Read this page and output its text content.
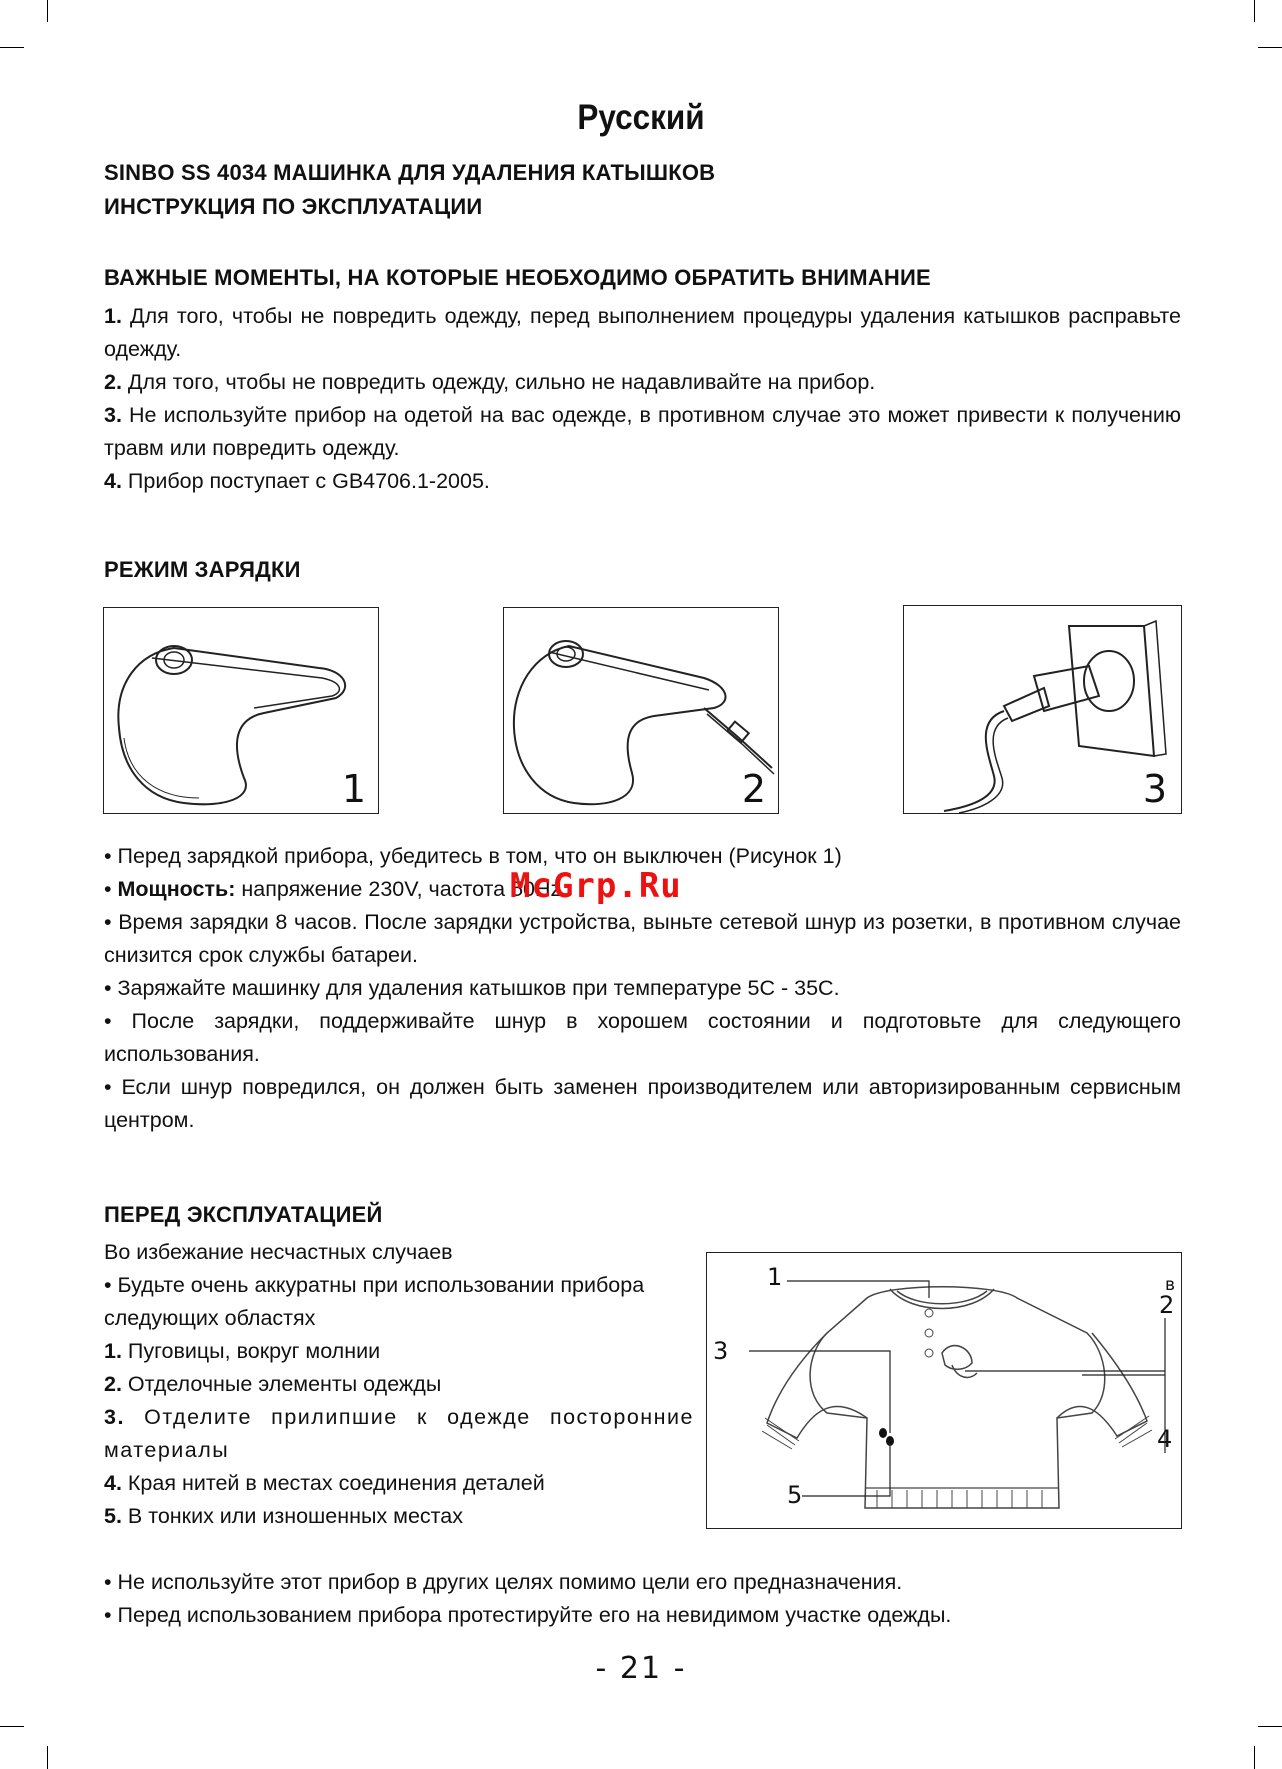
Русский
SINBO SS 4034 МАШИНКА ДЛЯ УДАЛЕНИЯ КАТЫШКОВ
ИНСТРУКЦИЯ ПО ЭКСПЛУАТАЦИИ
ВАЖНЫЕ МОМЕНТЫ, НА КОТОРЫЕ НЕОБХОДИМО ОБРАТИТЬ ВНИМАНИЕ
1. Для того, чтобы не повредить одежду, перед выполнением процедуры удаления катышков расправьте одежду.
2. Для того, чтобы не повредить одежду, сильно не надавливайте на прибор.
3. Не используйте прибор на одетой на вас одежде, в противном случае это может привести к получению травм или повредить одежду.
4. Прибор поступает с GB4706.1-2005.
РЕЖИМ ЗАРЯДКИ
1	2	3
• Перед зарядкой прибора, убедитесь в том, что он выключен (Рисунок 1)
• Мощность: напряжение 230V, частота 50Hz
• Время зарядки 8 часов. После зарядки устройства, выньте сетевой шнур из розетки, в противном случае снизится срок службы батареи.
• Заряжайте машинку для удаления катышков при температуре 5C - 35C.
• После зарядки, поддерживайте шнур в хорошем состоянии и подготовьте для следующего использования.
• Если шнур повредился, он должен быть заменен производителем или авторизированным сервисным центром.
McGrp.Ru
ПЕРЕД ЭКСПЛУАТАЦИЕЙ
Во избежание несчастных случаев
• Будьте очень аккуратны при использовании прибора следующих областях
1. Пуговицы, вокруг молнии
2. Отделочные элементы одежды
3. Отделите прилипшие к одежде посторонние материалы
4. Края нитей в местах соединения деталей
5. В тонких или изношенных местах
• Не используйте этот прибор в других целях помимо цели его предназначения.
• Перед использованием прибора протестируйте его на невидимом участке одежды.
1
2
в
3
4
5
- 21 -
